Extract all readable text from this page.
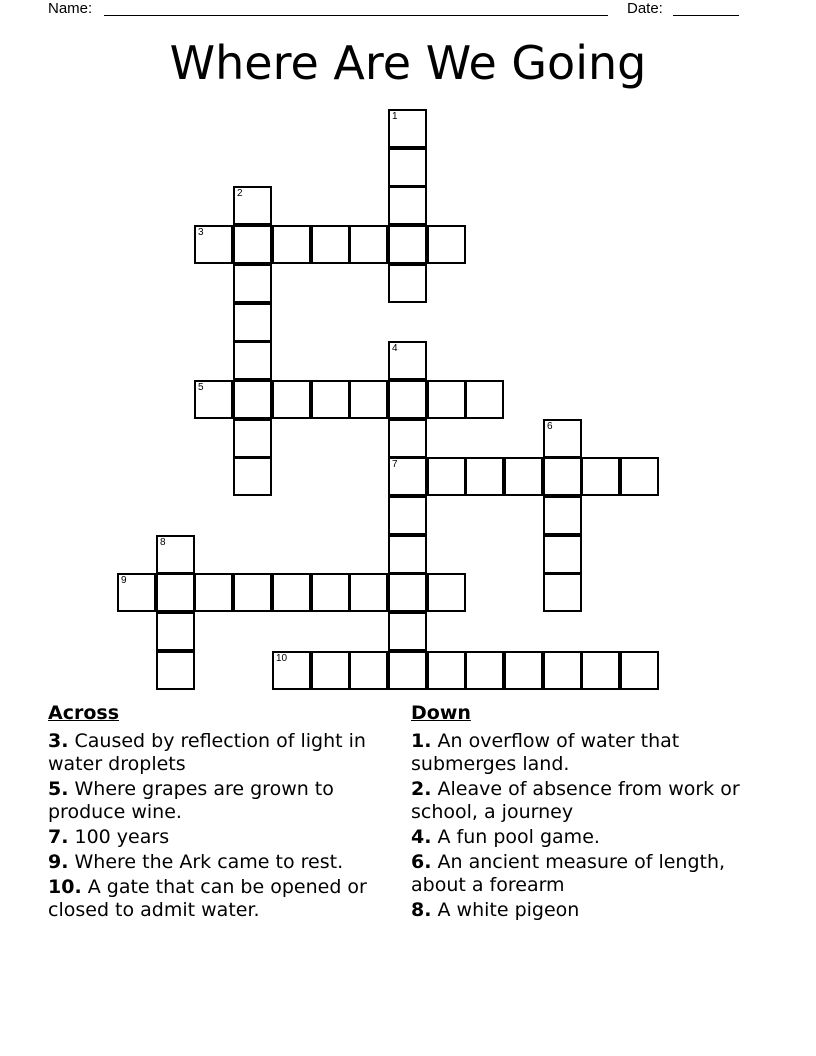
Name:	Date:
Where Are We Going
1
2
3
4
7
5
6
8
9
10
Across
3. Caused by reflection of light in water droplets
5. Where grapes are grown to produce wine.
7. 100 years
9. Where the Ark came to rest.
10. A gate that can be opened or closed to admit water.
Down
1. An overflow of water that submerges land.
2. Aleave of absence from work or school, a journey
4. A fun pool game.
6. An ancient measure of length, about a forearm
8. A white pigeon
